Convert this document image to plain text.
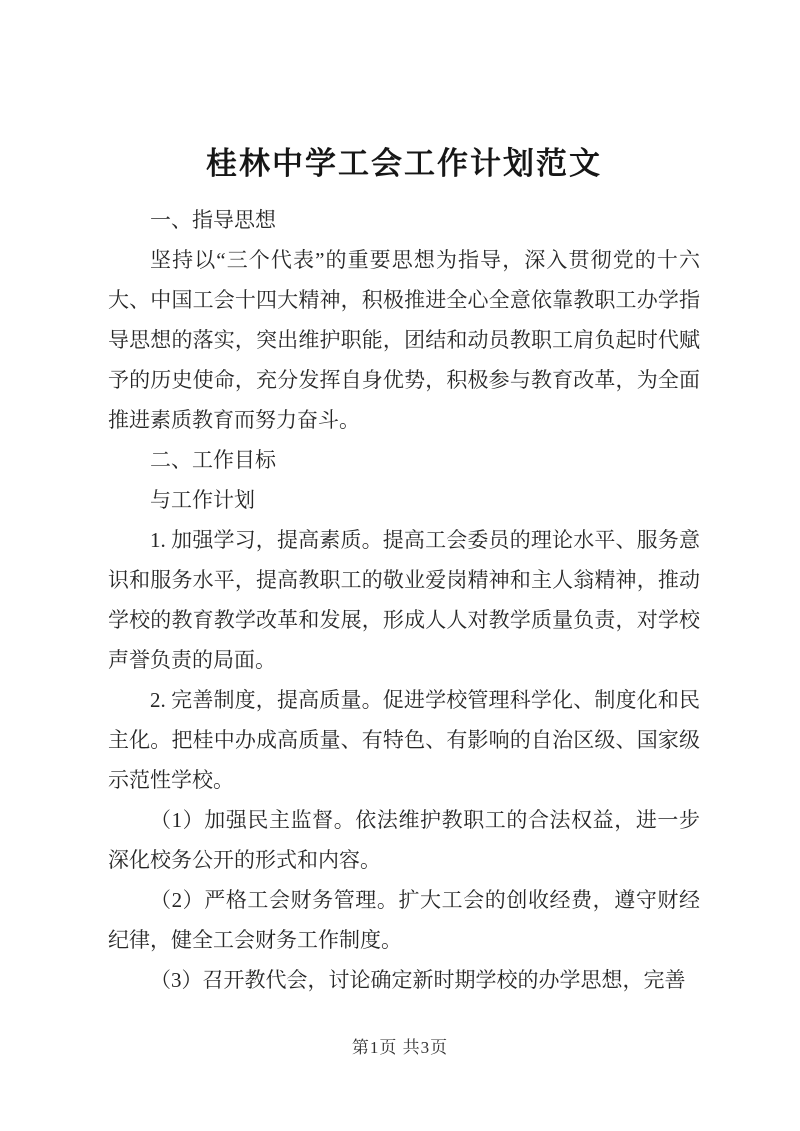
桂林中学工会工作计划范文

一、指导思想

坚持以“三个代表”的重要思想为指导，深入贯彻党的十六大、中国工会十四大精神，积极推进全心全意依靠教职工办学指导思想的落实，突出维护职能，团结和动员教职工肩负起时代赋予的历史使命，充分发挥自身优势，积极参与教育改革，为全面推进素质教育而努力奋斗。

二、工作目标

与工作计划

1. 加强学习，提高素质。提高工会委员的理论水平、服务意识和服务水平，提高教职工的敬业爱岗精神和主人翁精神，推动学校的教育教学改革和发展，形成人人对教学质量负责，对学校声誉负责的局面。

2. 完善制度，提高质量。促进学校管理科学化、制度化和民主化。把桂中办成高质量、有特色、有影响的自治区级、国家级示范性学校。

（1）加强民主监督。依法维护教职工的合法权益，进一步深化校务公开的形式和内容。

（2）严格工会财务管理。扩大工会的创收经费，遵守财经纪律，健全工会财务工作制度。

（3）召开教代会，讨论确定新时期学校的办学思想，完善

第1页 共3页
